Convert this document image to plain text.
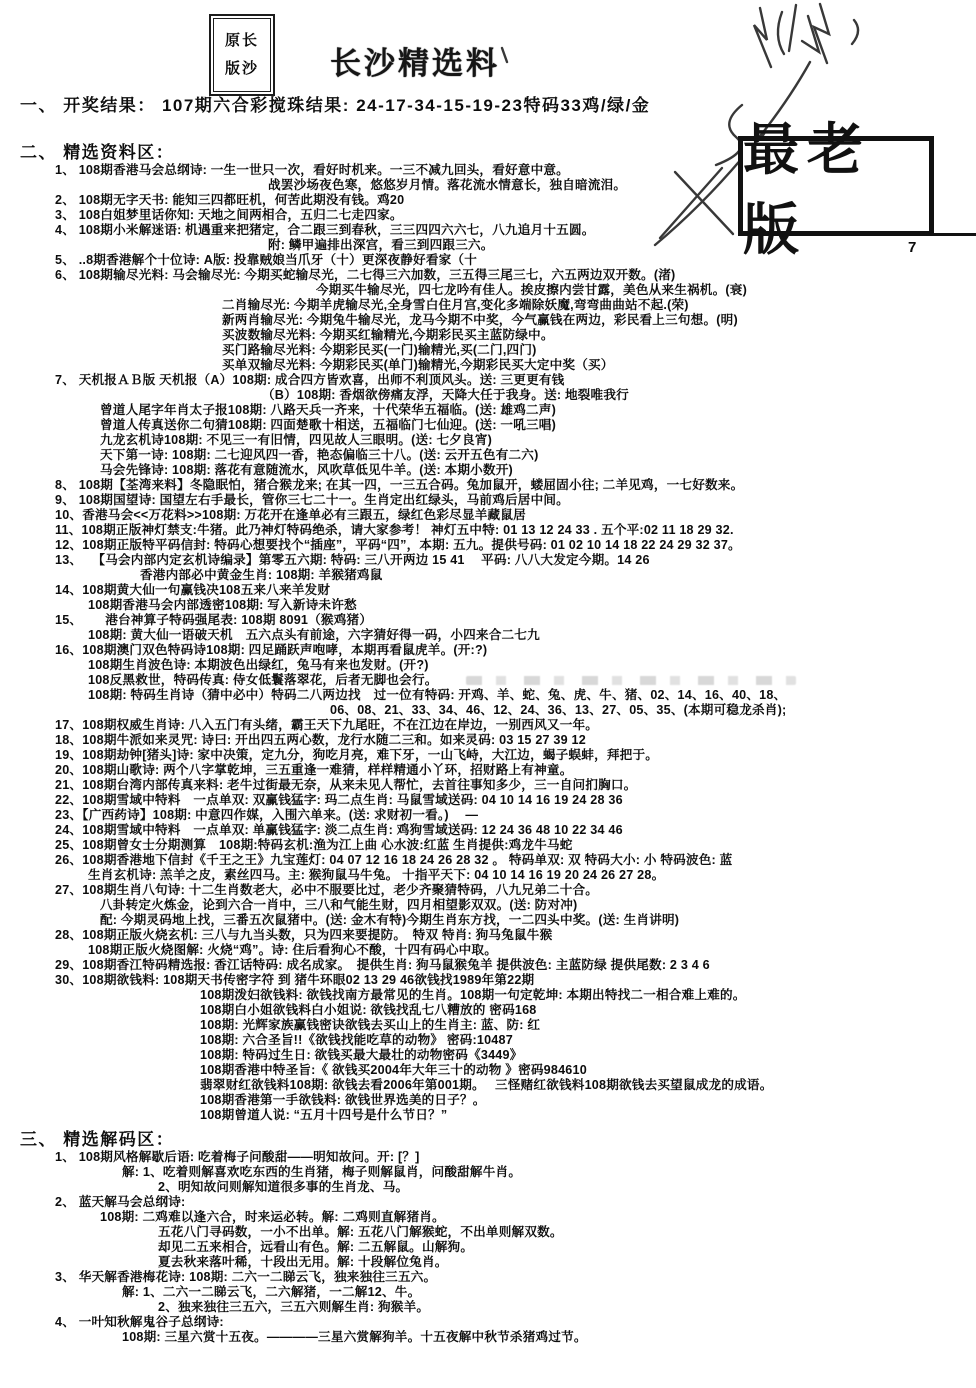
原长
版沙 长沙精选料
最老版	7
一、 开奖结果： 107期六合彩搅珠结果: 24-17-34-15-19-23特码33鸡/绿/金
二、 精选资料区：
1、 108期香港马会总纲诗: 一生一世只一次，看好时机来。一三不减九回头，看好意中意。
战罢沙场夜色寒，悠悠岁月情。落花流水情意长，独自暗流泪。
2、 108期无字天书: 能知三四都旺机，何苦此期没有钱。鸡20
3、 108白姐梦里话你知: 天地之间两相合，五归二七走四家。
4、 108期小米解迷语: 机遇重来把猪定，合二跟三到春秋，三三四四六六七，八九追月十五圆。
附: 鳞甲遍排出深宫，看三到四跟三六。
5、 ..8期香港解个十位诗: A版: 投靠贼娘当爪牙（十）更深夜静好看家（十
6、 108期输尽光料: 马会输尽光: 今期买蛇输尽光，二七得三六加数，三五得三尾三七，六五两边双开数。(渚)
今期买牛输尽光，四七龙吟有佳人。挨皮擦内尝甘露，美色从来生祸机。(衰)
二肖输尽光: 今期羊虎输尽光,全身雪白住月宫,变化多端除妖魔,弯弯曲曲站不起.(荣)
新两肖输尽光: 今期兔牛输尽光，龙马今期不中奖，今气赢钱在两边，彩民看上三句想。(明)
买波数输尽光料: 今期买红输精光,今期彩民买主蓝防绿中。
买门路输尽光料: 今期彩民买(一门)输精光,买(二门,四门)
买单双输尽光料: 今期彩民买(单门)输精光,今期彩民买大定中奖（买）
7、 天机报ＡＢ版 天机报（A）108期: 成合四方皆欢喜，出师不利顶风头。送: 三更更有钱
（B）108期: 香烟欲傍痛友浮，天降大任于我身。送: 地裂唯我行
曾道人尾字年肖太子报108期: 八路天兵一齐来，十代荣华五福临。(送: 雄鸡二声)
曾道人传真送你二句猜108期: 四面楚歌十相送，五福临门七仙迎。(送: 一吼三唱)
九龙玄机诗108期: 不见三一有旧情，四见故人三眼明。(送: 七夕良宵)
天下第一诗: 108期: 二七迎风四一香，艳态偏临三十八。(送: 云开五色有二六)
马会先锋诗: 108期: 落花有意随流水，风吹草低见牛羊。(送: 本期小数开)
8、 108期【荃湾来料】冬隐眠怕，猪合猴龙来; 在其一四，一三五合码。兔加鼠开，蝼屈固小往; 二羊见鸡，一七好数来。
9、 108期国望诗: 国望左右手最长，管你三七二十一。生肖定出红绿头，马前鸡后居中间。
10、香港马会<<万花料>>108期: 万花开在逢单必有三跟五，绿红色彩尽显羊藏鼠居
11、108期正版神灯禁支:牛猪。此乃神灯特码绝杀，请大家参考！ 神灯五中特: 01 13 12 24 33 . 五个平:02 11 18 29 32.
12、108期正版特平码信封: 特码心想要找个“插座”，平码“四”，本期: 五九。提供号码: 01 02 10 14 18 22 24 29 32 37。
13、　 【马会内部内定玄机诗编录】第零五六期: 特码: 三八开两边 15 41　 平码: 八八大发定今期。14 26
香港内部必中黄金生肖: 108期: 羊猴猪鸡鼠
14、108期黄大仙一句赢钱决108五来八来羊发财
108期香港马会内部透密108期: 写入新诗未许愁
15、　　 港台神算子特码强尾表: 108期 8091（猴鸡猪）
108期: 黄大仙一语破天机　五六点头有前途，六字猜好得一码，小四来合二七九
16、108期澳门双色特码诗108期: 四足踊跃声咆哮，本期再看鼠虎羊。(开:?)
108期生肖波色诗: 本期波色出绿红，兔马有来也发财。(开?)
108反黑救世，特码传真: 侍女低鬟落翠花，后者无脚也会行。
108期: 特码生肖诗（猜中必中）特码二八两边找　过一位有特码: 开鸡、羊、蛇、兔、虎、牛、猪、02、14、16、40、18、
06、08、21、33、34、46、12、24、36、13、27、05、35、(本期可稳龙杀肖);
17、108期权威生肖诗: 八入五门有头绪，霸王天下九尾旺，不在江边在岸边，一别西风又一年。
18、108期牛派如来灵咒: 诗曰: 开出四五两心数，龙行水随二三和。如来灵码: 03 15 27 39 12
19、108期劫钟[猪头]诗: 家中决策，定九分，狗吃月亮，难下牙，一山飞峙，大江边，蝎子蜈蚌，拜把于。
20、108期山歌诗: 两个八字掌乾坤，三五重逢一难猜，样样精通小丫环，招财路上有神童。
21、108期台湾内部传真来料: 老牛过街最无奈，从来未见人帮忙，去首往事知多少，三一自问扪胸口。
22、108期雪域中特料　一点单双: 双赢钱猛字: 玛二点生肖: 马鼠雪域送码: 04 10 14 16 19 24 28 36
23、【广西药诗】108期: 中意四作媒，入围六单来。(送: 求财初一看。)　 —
24、108期雪域中特料　一点单双: 单赢钱猛字: 淡二点生肖: 鸡狗雪域送码: 12 24 36 48 10 22 34 46
25、108期曾女士分期测算　108期:特码玄机:渔为江上曲 心水波:红蓝 生肖提供:鸡龙牛马蛇
26、108期香港地下信封《千王之王》九宝莲灯: 04 07 12 16 18 24 26 28 32 。 特码单双: 双 特码大小: 小 特码波色: 蓝
生肖玄机诗: 羔羊之皮，素丝四马。主: 猴狗鼠马牛兔。 十指平天下: 04 10 14 16 19 20 24 26 27 28。
27、108期生肖八句诗: 十二生肖数老大，必中不服要比过，老少齐聚猜特码，八九兄弟二十合。
八卦转定火炼金，论到六合一肖中，三八和气能生财，四月相望影双双。(送: 防对冲)
配: 今期灵码地上找，三番五次鼠猪中。(送: 金木有特)今期生肖东方找，一二四头中奖。(送: 生肖讲明)
28、108期正版火烧玄机: 三八与九当头数，只为四来要提防。　特双 特肖: 狗马兔鼠牛猴
108期正版火烧图解: 火烧“鸡”。诗: 住后看狗心不酸，十四有码心中取。
29、108期香江特码精选报: 香江话特码: 成名成家。　提供生肖: 狗马鼠猴兔羊 提供波色: 主蓝防绿 提供尾数: 2 3 4 6
30、108期欲钱料: 108期天书传密字符 到 猪牛环眼02 13 29 46欲钱找1989年第22期
108期泼妇欲钱料: 欲钱找南方最常见的生肖。108期一句定乾坤: 本期出特找二一相合难上难的。
108期白小姐欲钱料白小姐说: 欲钱找乱七八糟放的 密码168
108期: 光辉家族赢钱密诀欲钱去买山上的生肖主: 蓝、防: 红
108期: 六合圣旨!!《欲钱找能吃草的动物》 密码:10487
108期: 特码过生日: 欲钱买最大最壮的动物密码《3449》
108期香港中特圣旨:《 欲钱买2004年大年三十的动物 》密码984610
翡翠财红欲钱料108期: 欲钱去看2006年第001期。　 三怪赌红欲钱料108期欲钱去买望鼠成龙的成语。
108期香港第一手欲钱料: 欲钱世界选美的日子？。
108期曾道人说: “五月十四号是什么节日？”
三、 精选解码区：
1、 108期风格解歇后语: 吃着梅子问酸甜——明知故问。开: [？]
解: 1、吃着则解喜欢吃东西的生肖猪，梅子则解鼠肖，问酸甜解牛肖。
2、明知故问则解知道很多事的生肖龙、马。
2、 蓝天解马会总纲诗:
108期: 二鸡难以逢六合，时来运必转。解: 二鸡则直解猪肖。
五花八门寻码数，一小不出单。解: 五花八门解猴蛇，不出单则解双数。
却见二五来相合，远看山有色。解: 二五解鼠。山解狗。
夏去秋来落叶稀，十段出无用。解: 十段解位兔肖。
3、 华天解香港梅花诗: 108期: 二六一二睇云飞，独来独往三五六。
解: 1、二六一二睇云飞，二六解猪，一二解12、牛。
2、独来独往三五六，三五六则解生肖: 狗猴羊。
4、 一叶知秋解鬼谷子总纲诗:
108期: 三星六赏十五夜。————三星六赏解狗羊。十五夜解中秋节杀猪鸡过节。
